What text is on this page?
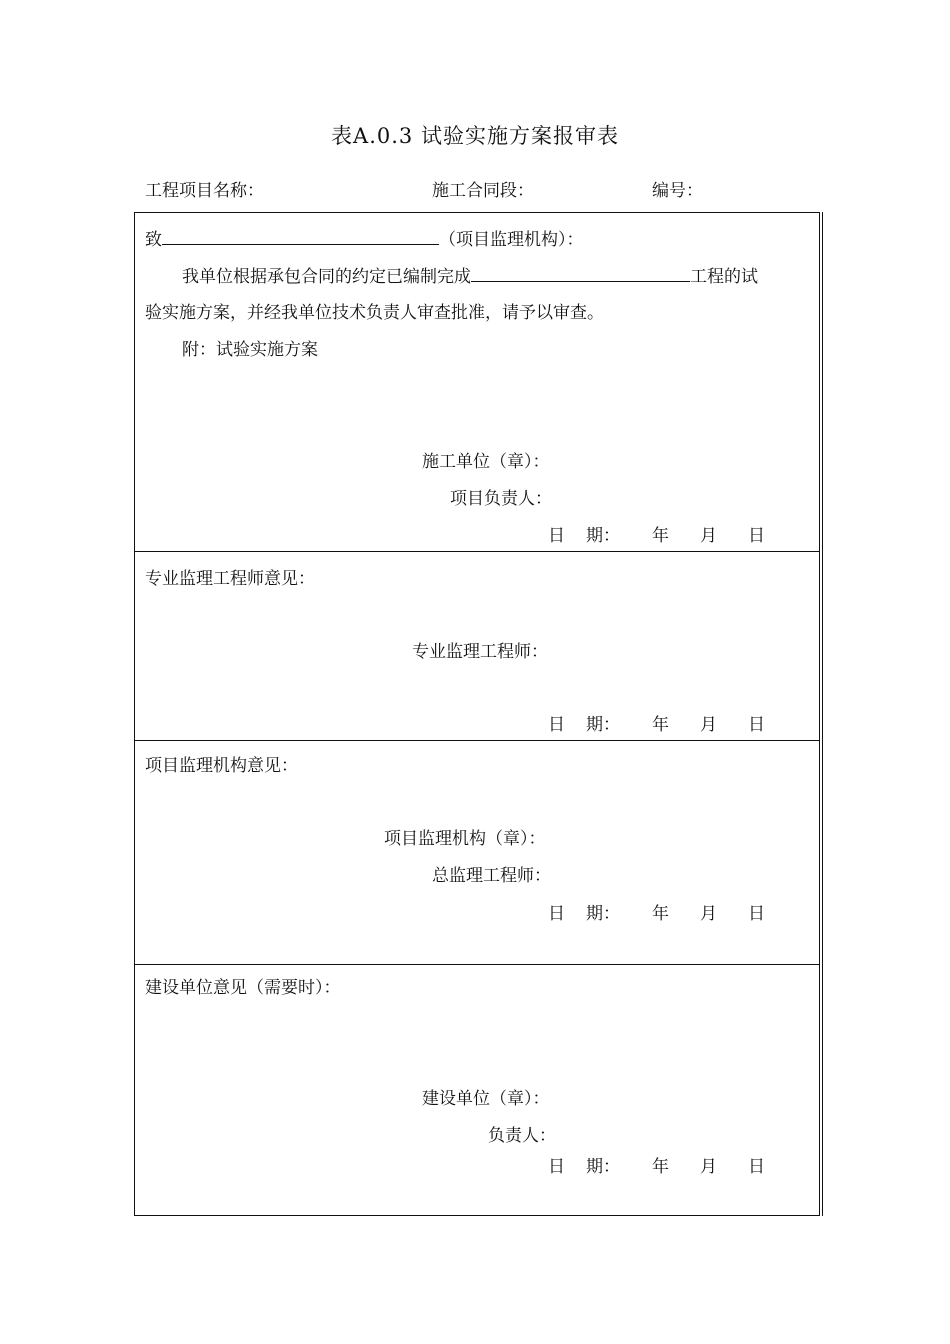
表A.0.3 试验实施方案报审表
工程项目名称：	施工合同段：	编号：
致	（项目监理机构）：
我单位根据承包合同的约定已编制完成	工程的试
验实施方案，并经我单位技术负责人审查批准，请予以审查。
附：试验实施方案
施工单位（章）：
项目负责人：
日 期： 年 月 日
专业监理工程师意见：
专业监理工程师：
日 期： 年 月 日
项目监理机构意见：
项目监理机构（章）：
总监理工程师：
日 期： 年 月 日
建设单位意见（需要时）：
建设单位（章）：
负责人：
日 期： 年 月 日
